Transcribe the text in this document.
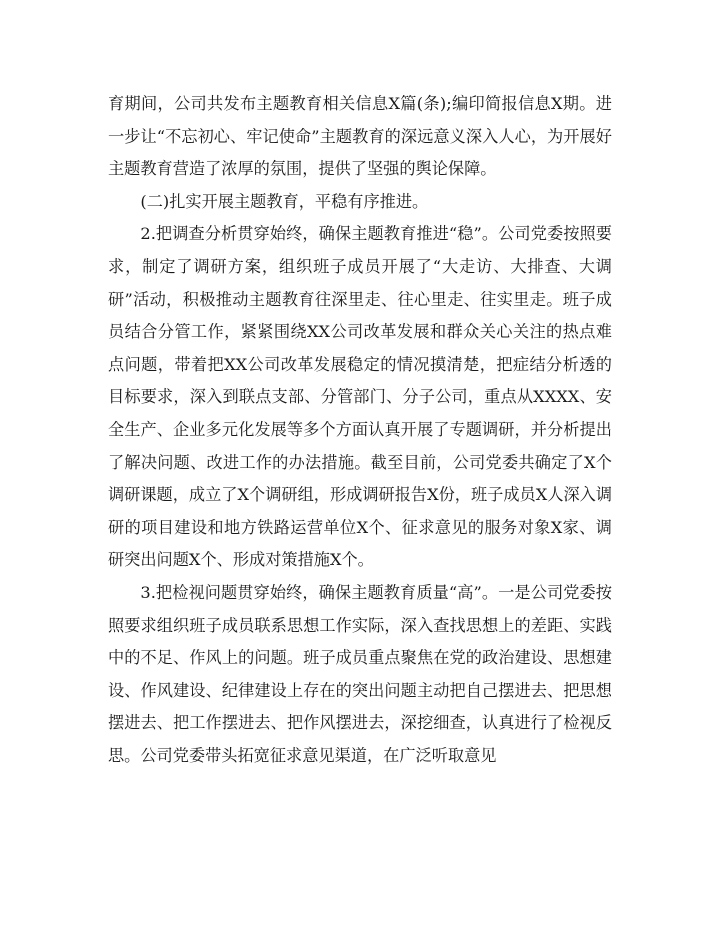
育期间，公司共发布主题教育相关信息X篇(条);编印简报信息X期。进一步让“不忘初心、牢记使命”主题教育的深远意义深入人心，为开展好主题教育营造了浓厚的氛围，提供了坚强的舆论保障。

(二)扎实开展主题教育，平稳有序推进。

2.把调查分析贯穿始终，确保主题教育推进“稳”。公司党委按照要求，制定了调研方案，组织班子成员开展了“大走访、大排查、大调研”活动，积极推动主题教育往深里走、往心里走、往实里走。班子成员结合分管工作，紧紧围绕XX公司改革发展和群众关心关注的热点难点问题，带着把XX公司改革发展稳定的情况摸清楚，把症结分析透的目标要求，深入到联点支部、分管部门、分子公司，重点从XXXX、安全生产、企业多元化发展等多个方面认真开展了专题调研，并分析提出了解决问题、改进工作的办法措施。截至目前，公司党委共确定了X个调研课题，成立了X个调研组，形成调研报告X份，班子成员X人深入调研的项目建设和地方铁路运营单位X个、征求意见的服务对象X家、调研突出问题X个、形成对策措施X个。

3.把检视问题贯穿始终，确保主题教育质量“高”。一是公司党委按照要求组织班子成员联系思想工作实际，深入查找思想上的差距、实践中的不足、作风上的问题。班子成员重点聚焦在党的政治建设、思想建设、作风建设、纪律建设上存在的突出问题主动把自己摆进去、把思想摆进去、把工作摆进去、把作风摆进去，深挖细查，认真进行了检视反思。公司党委带头拓宽征求意见渠道，在广泛听取意见
